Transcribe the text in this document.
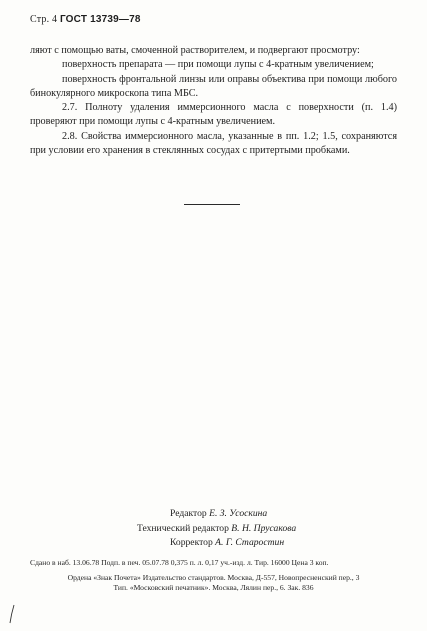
Стр. 4 ГОСТ 13739—78

ляют с помощью ваты, смоченной растворителем, и подвергают просмотру:

поверхность препарата — при помощи лупы с 4-кратным увеличением;

поверхность фронтальной линзы или оправы объектива при помощи любого бинокулярного микроскопа типа МБС.

2.7. Полноту удаления иммерсионного масла с поверхности (п. 1.4) проверяют при помощи лупы с 4-кратным увеличением.

2.8. Свойства иммерсионного масла, указанные в пп. 1.2; 1.5, сохраняются при условии его хранения в стеклянных сосудах с притертыми пробками.

Редактор Е. З. Усоскина
Технический редактор В. Н. Прусакова
Корректор А. Г. Старостин
Сдано в наб. 13.06.78 Подп. в печ. 05.07.78 0,375 п. л. 0,17 уч.-изд. л. Тир. 16000 Цена 3 коп.
Ордена «Знак Почета» Издательство стандартов. Москва, Д-557, Новопресненский пер., 3
Тип. «Московский печатник». Москва, Лялин пер., 6. Зак. 836
